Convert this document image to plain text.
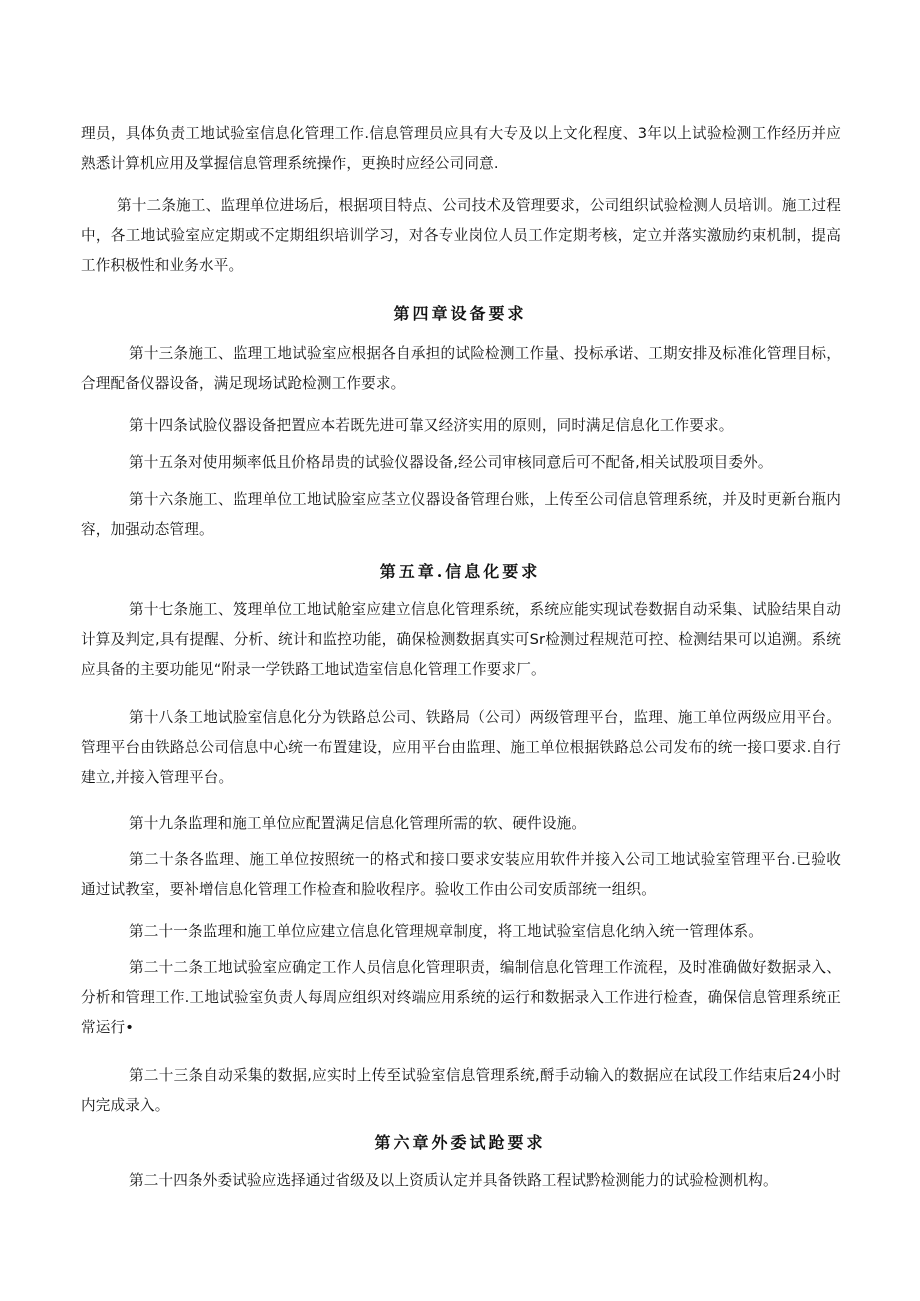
理员，具体负责工地试验室信息化管理工作.信息管理员应具有大专及以上文化程度、3年以上试验检测工作经历并应熟悉计算机应用及掌握信息管理系统操作，更换时应经公司同意.

第十二条施工、监理单位进场后，根据项目特点、公司技术及管理要求，公司组织试验检测人员培训。施工过程中，各工地试验室应定期或不定期组织培训学习，对各专业岗位人员工作定期考核，定立并落实激励约束机制，提高工作积极性和业务水平。

第四章设备要求

第十三条施工、监理工地试验室应根据各自承担的试险检测工作量、投标承诺、工期安排及标准化管理目标，合理配备仪器设备，满足现场试跄检测工作要求。

第十四条试脸仪器设备把置应本若既先进可靠又经济实用的原则，同时满足信息化工作要求。

第十五条对使用频率低且价格昂贵的试验仪器设备,经公司审核同意后可不配备,相关试股项目委外。

第十六条施工、监理单位工地试脸室应茎立仪器设备管理台账，上传至公司信息管理系统，并及时更新台瓶内容，加强动态管理。

第五章.信息化要求

第十七条施工、笈理单位工地试舱室应建立信息化管理系统，系统应能实现试卷数据自动采集、试脸结果自动计算及判定,具有提醒、分析、统计和监控功能，确保检测数据真实可Sr检测过程规范可控、检测结果可以追溯。系统应具备的主要功能见“附录一学铁路工地试造室信息化管理工作要求厂。

第十八条工地试脸室信息化分为铁路总公司、铁路局（公司）两级管理平台，监理、施工单位两级应用平台。管理平台由铁路总公司信息中心统一布置建设，应用平台由监理、施工单位根据铁路总公司发布的统一接口要求.自行建立,并接入管理平台。

第十九条监理和施工单位应配置满足信息化管理所需的软、硬件设施。

第二十条各监理、施工单位按照统一的格式和接口要求安装应用软件并接入公司工地试验室管理平台.已验收通过试教室，要补增信息化管理工作检查和脸收程序。验收工作由公司安质部统一组织。

第二十一条监理和施工单位应建立信息化管理规章制度，将工地试验室信息化纳入统一管理体系。

第二十二条工地试验室应确定工作人员信息化管理职责，编制信息化管理工作流程，及时准确做好数据录入、分析和管理工作.工地试验室负责人每周应组织对终端应用系统的运行和数据录入工作进行检查，确保信息管理系统正常运行•

第二十三条自动采集的数据,应实时上传至试验室信息管理系统,酹手动输入的数据应在试段工作结束后24小时内完成录入。

第六章外委试跄要求

第二十四条外委试验应选择通过省级及以上资质认定并具备铁路工程试黔检测能力的试验检测机构。
